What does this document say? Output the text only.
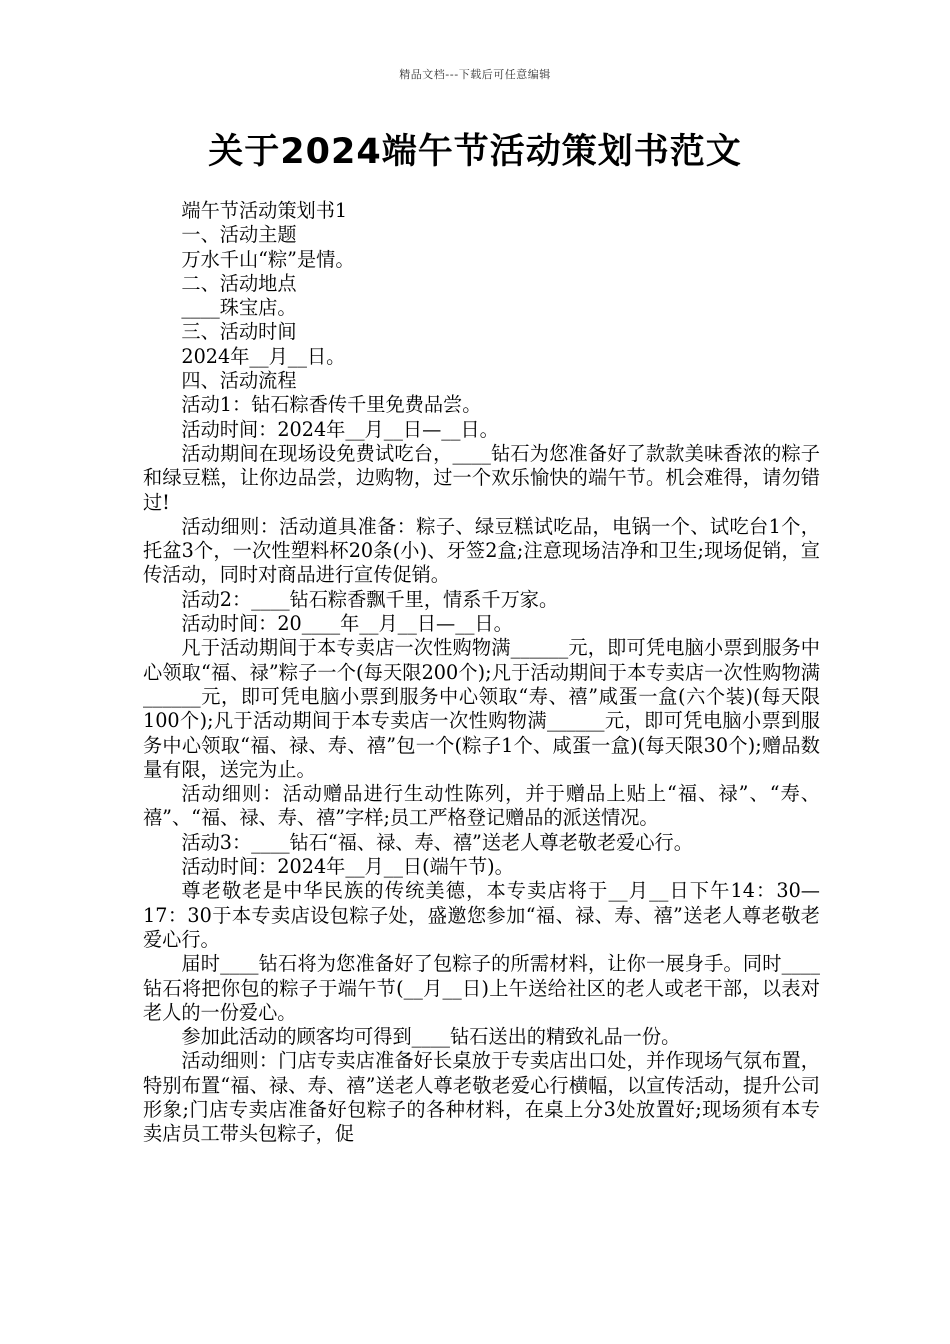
精品文档---下载后可任意编辑
关于2024端午节活动策划书范文

端午节活动策划书1

一、活动主题

万水千山“粽”是情。

二、活动地点

____珠宝店。

三、活动时间

2024年__月__日。

四、活动流程

活动1：钻石粽香传千里免费品尝。

活动时间：2024年__月__日—__日。

活动期间在现场设免费试吃台，____钻石为您准备好了款款美味香浓的粽子和绿豆糕，让你边品尝，边购物，过一个欢乐愉快的端午节。机会难得，请勿错过!

活动细则：活动道具准备：粽子、绿豆糕试吃品，电锅一个、试吃台1个，托盆3个，一次性塑料杯20条(小)、牙签2盒;注意现场洁净和卫生;现场促销，宣传活动，同时对商品进行宣传促销。

活动2：____钻石粽香飘千里，情系千万家。

活动时间：20____年__月__日—__日。

凡于活动期间于本专卖店一次性购物满______元，即可凭电脑小票到服务中心领取“福、禄”粽子一个(每天限200个);凡于活动期间于本专卖店一次性购物满______元，即可凭电脑小票到服务中心领取“寿、禧”咸蛋一盒(六个装)(每天限100个);凡于活动期间于本专卖店一次性购物满______元，即可凭电脑小票到服务中心领取“福、禄、寿、禧”包一个(粽子1个、咸蛋一盒)(每天限30个);赠品数量有限，送完为止。

活动细则：活动赠品进行生动性陈列，并于赠品上贴上“福、禄”、“寿、禧”、“福、禄、寿、禧”字样;员工严格登记赠品的派送情况。

活动3：____钻石“福、禄、寿、禧”送老人尊老敬老爱心行。

活动时间：2024年__月__日(端午节)。

尊老敬老是中华民族的传统美德，本专卖店将于__月__日下午14：30—17：30于本专卖店设包粽子处，盛邀您参加“福、禄、寿、禧”送老人尊老敬老爱心行。

届时____钻石将为您准备好了包粽子的所需材料，让你一展身手。同时____钻石将把你包的粽子于端午节(__月__日)上午送给社区的老人或老干部，以表对老人的一份爱心。

参加此活动的顾客均可得到____钻石送出的精致礼品一份。

活动细则：门店专卖店准备好长桌放于专卖店出口处，并作现场气氛布置，特别布置“福、禄、寿、禧”送老人尊老敬老爱心行横幅，以宣传活动，提升公司形象;门店专卖店准备好包粽子的各种材料，在桌上分3处放置好;现场须有本专卖店员工带头包粽子，促
